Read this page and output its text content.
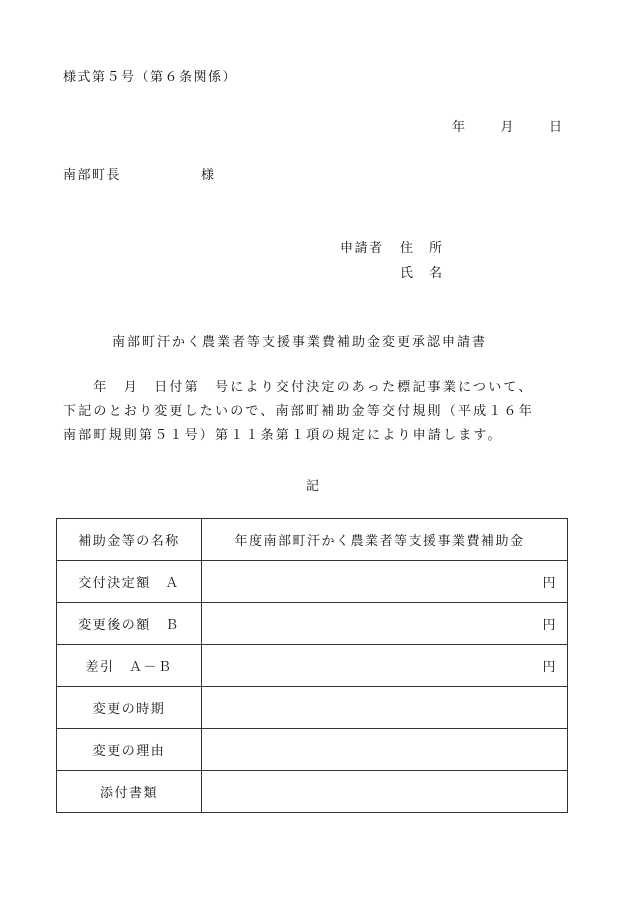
様式第５号（第６条関係）
年	月	日
南部町長	様
申請者 住所
氏名
南部町汗かく農業者等支援事業費補助金変更承認申請書
　　年　月　日付第　号により交付決定のあった標記事業について、
下記のとおり変更したいので、南部町補助金等交付規則（平成１６年
南部町規則第５１号）第１１条第１項の規定により申請します。
記
補助金等の名称	年度南部町汗かく農業者等支援事業費補助金
交付決定額　Ａ	円
変更後の額　Ｂ	円
差引　Ａ－Ｂ	円
変更の時期	
変更の理由	
添付書類	
